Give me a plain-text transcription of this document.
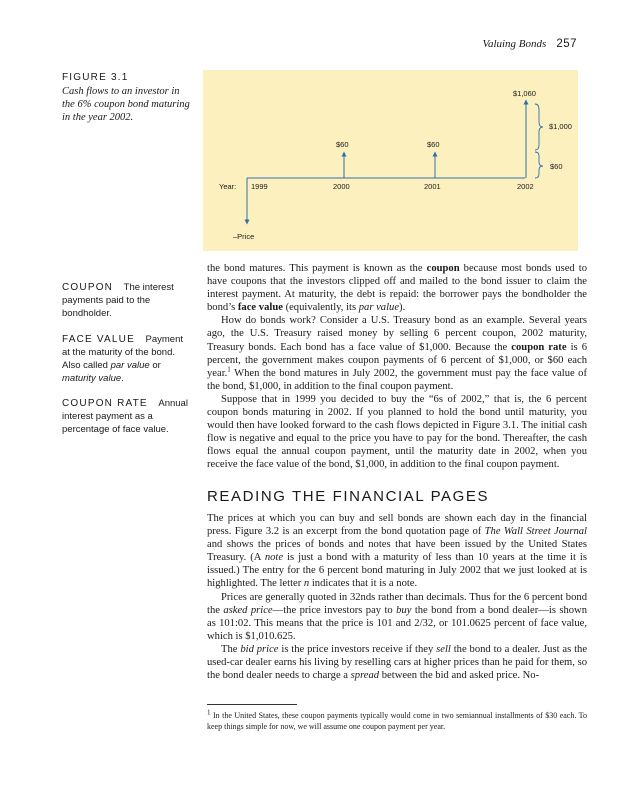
Valuing Bonds 257
FIGURE 3.1
Cash flows to an investor in the 6% coupon bond maturing in the year 2002.
Year: 1999	2000	2001	2002
–Price
$60	$60
$1,060
$1,000
$60
COUPON The interest payments paid to the bondholder.
FACE VALUE Payment at the maturity of the bond. Also called par value or maturity value.
COUPON RATE Annual interest payment as a percentage of face value.

the bond matures. This payment is known as the coupon because most bonds used to have coupons that the investors clipped off and mailed to the bond issuer to claim the interest payment. At maturity, the debt is repaid: the borrower pays the bondholder the bond’s face value (equivalently, its par value).

How do bonds work? Consider a U.S. Treasury bond as an example. Several years ago, the U.S. Treasury raised money by selling 6 percent coupon, 2002 maturity, Treasury bonds. Each bond has a face value of $1,000. Because the coupon rate is 6 percent, the government makes coupon payments of 6 percent of $1,000, or $60 each year.$^1$ When the bond matures in July 2002, the government must pay the face value of the bond, $1,000, in addition to the final coupon payment.

Suppose that in 1999 you decided to buy the “6s of 2002,” that is, the 6 percent coupon bonds maturing in 2002. If you planned to hold the bond until maturity, you would then have looked forward to the cash flows depicted in Figure 3.1. The initial cash flow is negative and equal to the price you have to pay for the bond. Thereafter, the cash flows equal the annual coupon payment, until the maturity date in 2002, when you receive the face value of the bond, $1,000, in addition to the final coupon payment.

READING THE FINANCIAL PAGES

The prices at which you can buy and sell bonds are shown each day in the financial press. Figure 3.2 is an excerpt from the bond quotation page of The Wall Street Journal and shows the prices of bonds and notes that have been issued by the United States Treasury. (A note is just a bond with a maturity of less than 10 years at the time it is issued.) The entry for the 6 percent bond maturing in July 2002 that we just looked at is highlighted. The letter n indicates that it is a note.

Prices are generally quoted in 32nds rather than decimals. Thus for the 6 percent bond the asked price—the price investors pay to buy the bond from a bond dealer—is shown as 101:02. This means that the price is 101 and 2/32, or 101.0625 percent of face value, which is $1,010.625.

The bid price is the price investors receive if they sell the bond to a dealer. Just as the used-car dealer earns his living by reselling cars at higher prices than he paid for them, so the bond dealer needs to charge a spread between the bid and asked price. No-

$^1$ In the United States, these coupon payments typically would come in two semiannual installments of $30 each. To keep things simple for now, we will assume one coupon payment per year.
